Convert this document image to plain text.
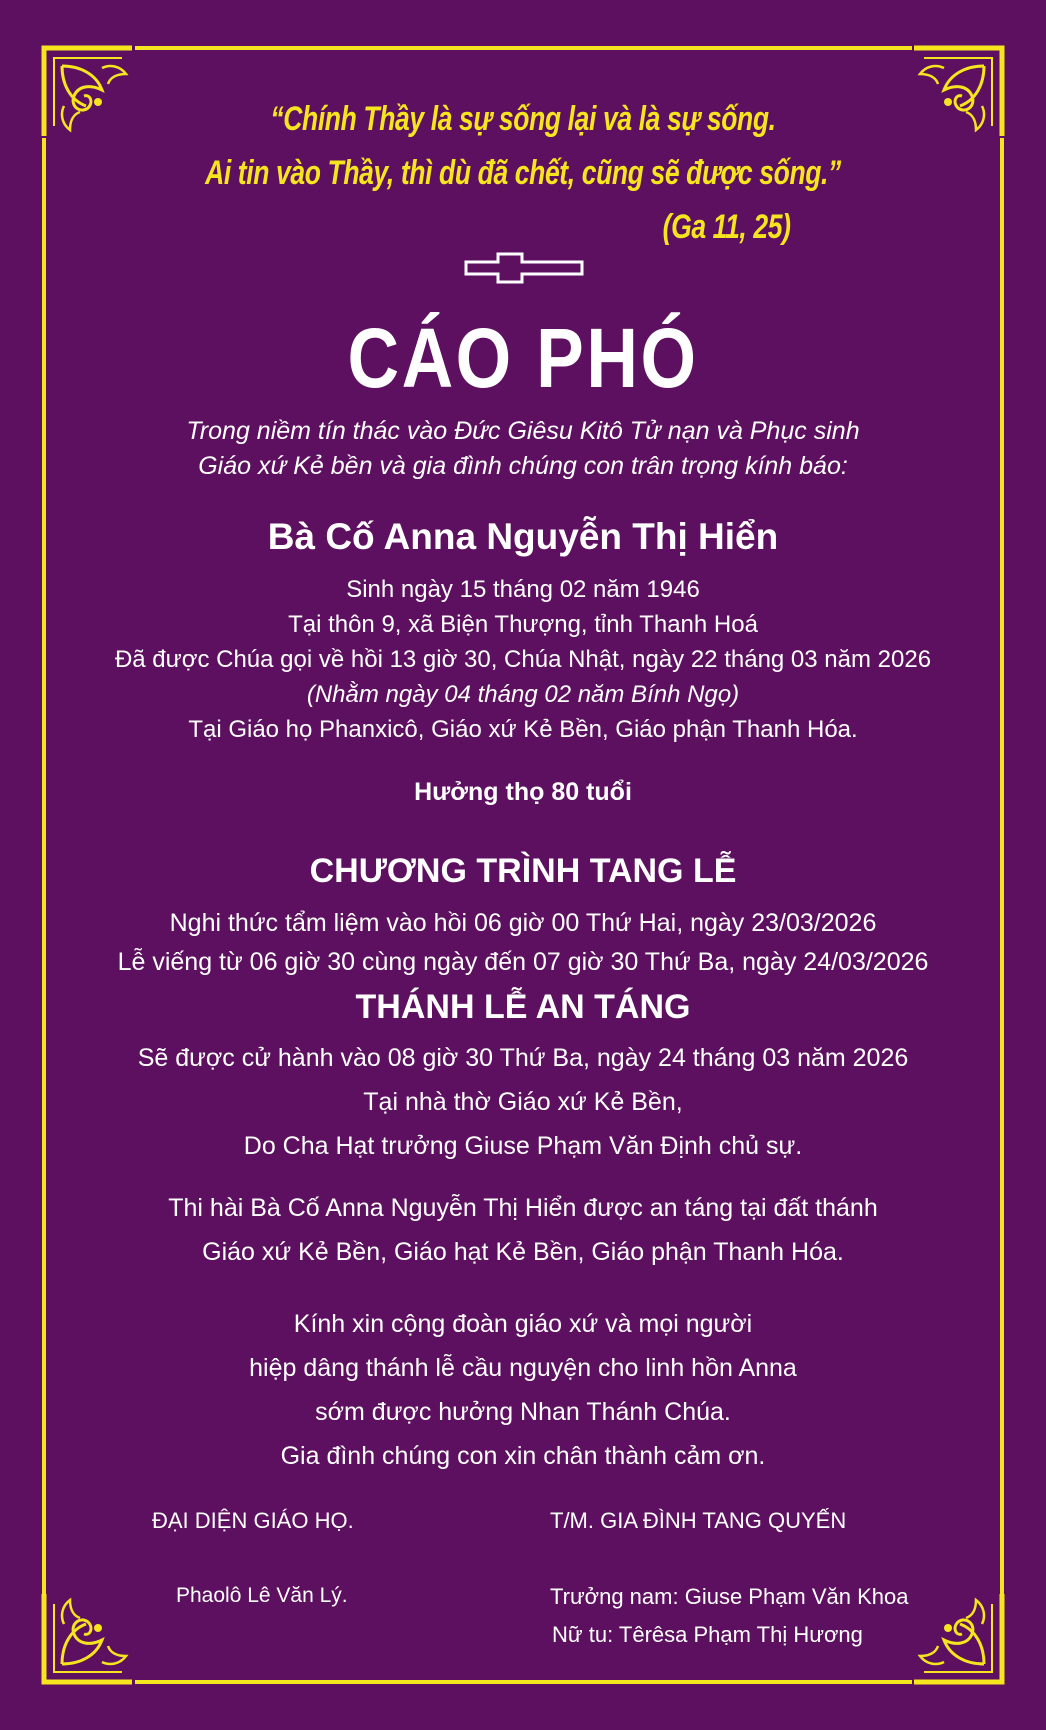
“Chính Thầy là sự sống lại và là sự sống.
Ai tin vào Thầy, thì dù đã chết, cũng sẽ được sống.”
(Ga 11, 25)
CÁO PHÓ
Trong niềm tín thác vào Đức Giêsu Kitô Tử nạn và Phục sinh
Giáo xứ Kẻ bền và gia đình chúng con trân trọng kính báo:
Bà Cố Anna Nguyễn Thị Hiển
Sinh ngày 15 tháng 02 năm 1946
Tại thôn 9, xã Biện Thượng, tỉnh Thanh Hoá
Đã được Chúa gọi về hồi 13 giờ 30, Chúa Nhật, ngày 22 tháng 03 năm 2026
(Nhằm ngày 04 tháng 02 năm Bính Ngọ)
Tại Giáo họ Phanxicô, Giáo xứ Kẻ Bền, Giáo phận Thanh Hóa.
Hưởng thọ 80 tuổi
CHƯƠNG TRÌNH TANG LỄ
Nghi thức tẩm liệm vào hồi 06 giờ 00 Thứ Hai, ngày 23/03/2026
Lễ viếng từ 06 giờ 30 cùng ngày đến 07 giờ 30 Thứ Ba, ngày 24/03/2026
THÁNH LỄ AN TÁNG
Sẽ được cử hành vào 08 giờ 30 Thứ Ba, ngày 24 tháng 03 năm 2026
Tại nhà thờ Giáo xứ Kẻ Bền,
Do Cha Hạt trưởng Giuse Phạm Văn Định chủ sự.
Thi hài Bà Cố Anna Nguyễn Thị Hiển được an táng tại đất thánh
Giáo xứ Kẻ Bền, Giáo hạt Kẻ Bền, Giáo phận Thanh Hóa.
Kính xin cộng đoàn giáo xứ và mọi người
hiệp dâng thánh lễ cầu nguyện cho linh hồn Anna
sớm được hưởng Nhan Thánh Chúa.
Gia đình chúng con xin chân thành cảm ơn.
ĐẠI DIỆN GIÁO HỌ.
Phaolô Lê Văn Lý.
T/M. GIA ĐÌNH TANG QUYẾN
Trưởng nam: Giuse Phạm Văn Khoa
Nữ tu: Têrêsa Phạm Thị Hương
